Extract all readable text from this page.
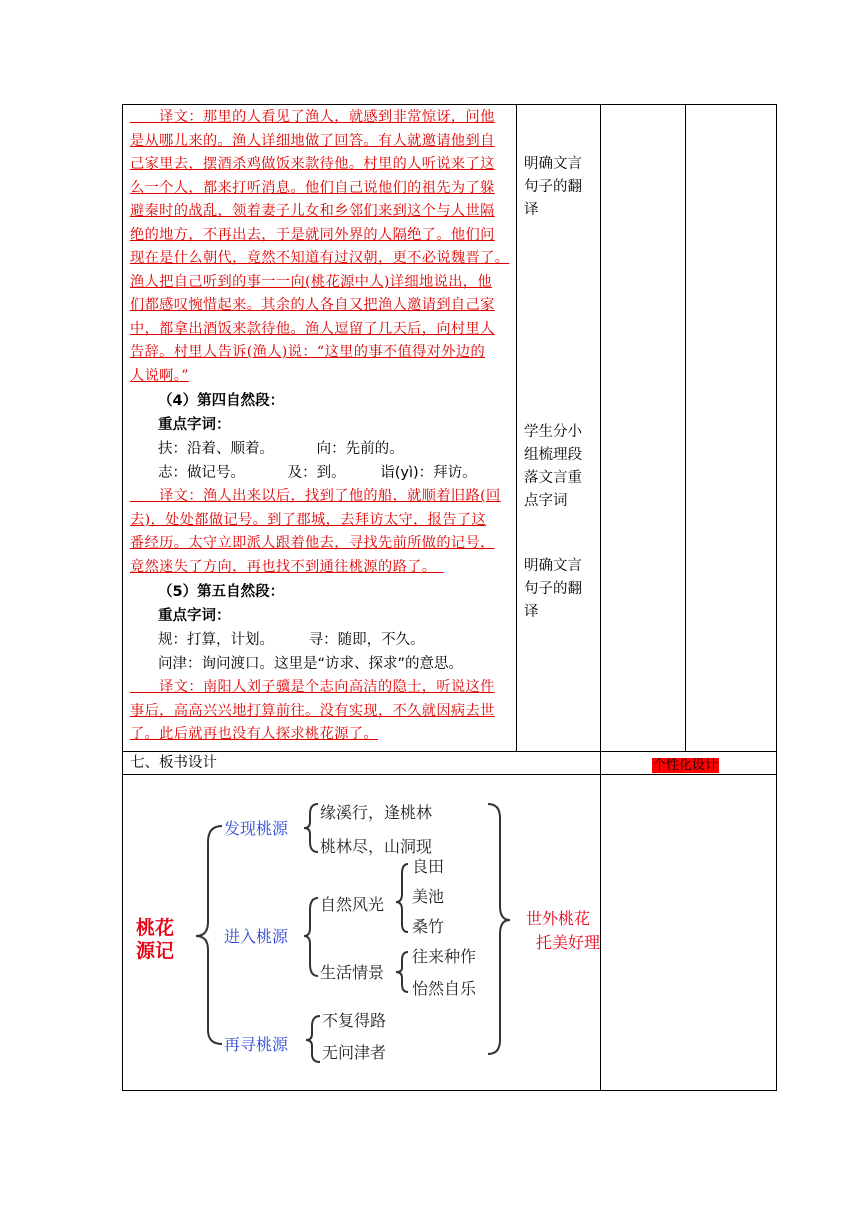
　　译文：那里的人看见了渔人，就感到非常惊讶，问他
是从哪儿来的。渔人详细地做了回答。有人就邀请他到自
己家里去，摆酒杀鸡做饭来款待他。村里的人听说来了这
么一个人，都来打听消息。他们自己说他们的祖先为了躲
避秦时的战乱，领着妻子儿女和乡邻们来到这个与人世隔
绝的地方，不再出去，于是就同外界的人隔绝了。他们问
现在是什么朝代，竟然不知道有过汉朝，更不必说魏晋了。
渔人把自己听到的事一一向(桃花源中人)详细地说出，他
们都感叹惋惜起来。其余的人各自又把渔人邀请到自己家
中，都拿出酒饭来款待他。渔人逗留了几天后，向村里人
告辞。村里人告诉(渔人)说：“这里的事不值得对外边的
人说啊。”
（4）第四自然段：
重点字词：
扶：沿着、顺着。	向：先前的。
志：做记号。	及：到。 诣(yì)：拜访。
　　译文：渔人出来以后，找到了他的船，就顺着旧路(回
去)，处处都做记号。到了郡城，去拜访太守，报告了这
番经历。太守立即派人跟着他去，寻找先前所做的记号，
竟然迷失了方向，再也找不到通往桃源的路了。　
（5）第五自然段：
重点字词：
规：打算，计划。 寻：随即，不久。
问津：询问渡口。这里是“访求、探求”的意思。
　　译文：南阳人刘子骥是个志向高洁的隐士，听说这件
事后，高高兴兴地打算前往。没有实现，不久就因病去世
了。此后就再也没有人探求桃花源了。
明确文言句子的翻译
学生分小组梳理段落文言重点字词
明确文言句子的翻译
七、板书设计	个性化设计
桃花
源记
发现桃源
缘溪行，逢桃林
桃林尽，山洞现
进入桃源
自然风光
良田
美池
桑竹
生活情景
往来种作
怡然自乐
再寻桃源
不复得路
无问津者
世外桃花
托美好理
